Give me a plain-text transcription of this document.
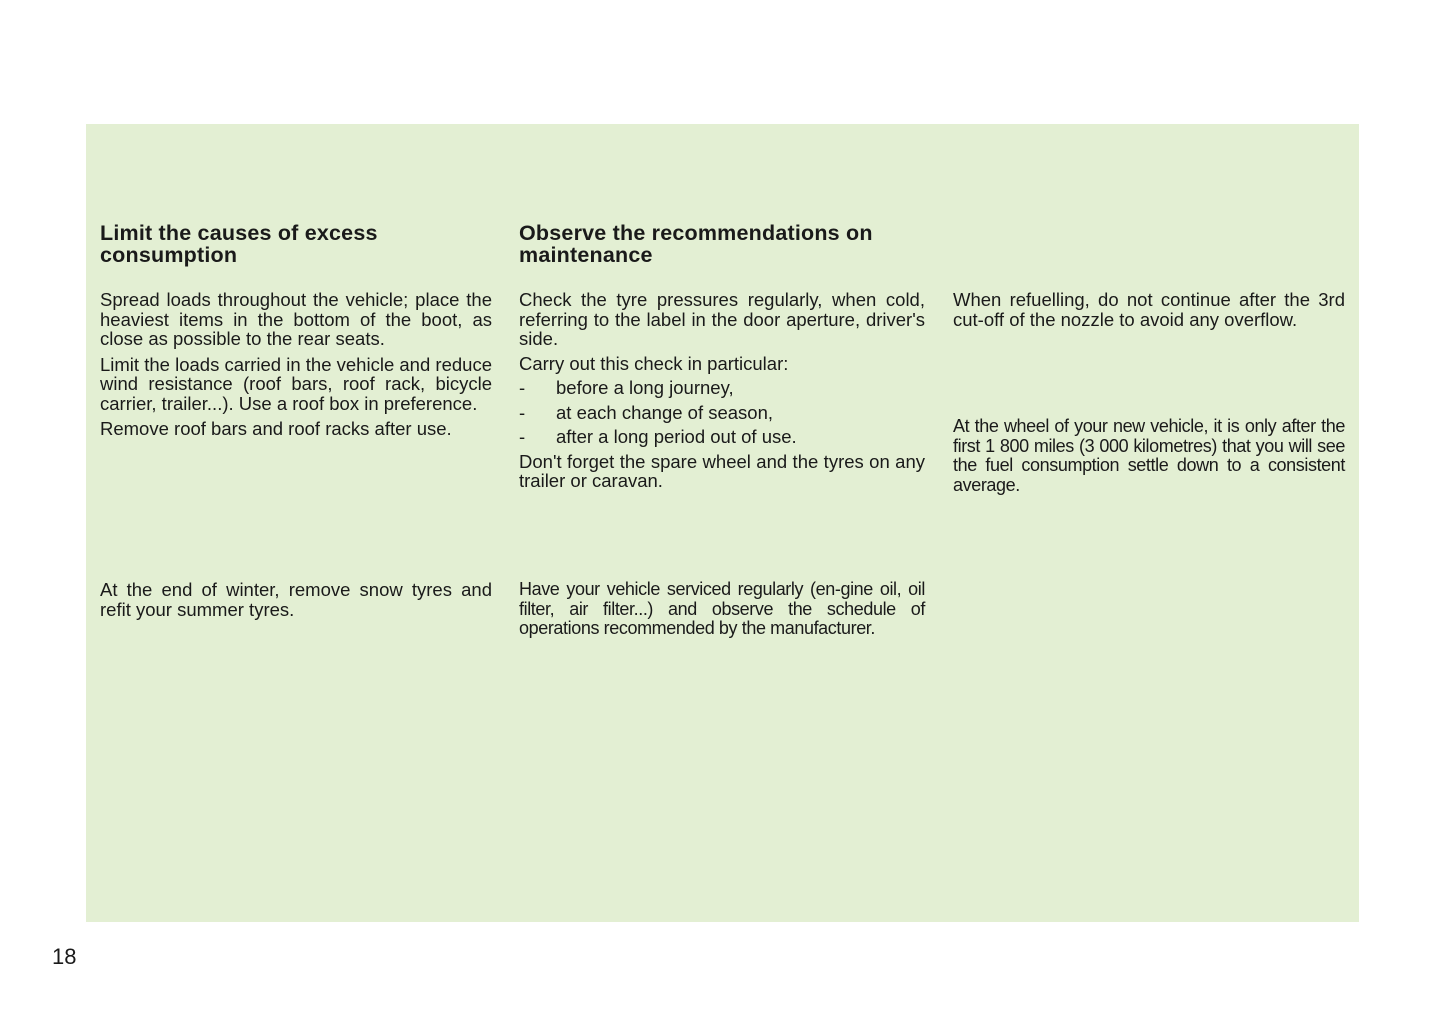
Limit the causes of excess consumption

Spread loads throughout the vehicle; place the heaviest items in the bottom of the boot, as close as possible to the rear seats.

Limit the loads carried in the vehicle and reduce wind resistance (roof bars, roof rack, bicycle carrier, trailer...). Use a roof box in preference.

Remove roof bars and roof racks after use.

At the end of winter, remove snow tyres and refit your summer tyres.

Observe the recommendations on maintenance

Check the tyre pressures regularly, when cold, referring to the label in the door aperture, driver's side.

Carry out this check in particular:

-	before a long journey,
-	at each change of season,
-	after a long period out of use.

Don't forget the spare wheel and the tyres on any trailer or caravan.

Have your vehicle serviced regularly (en-gine oil, oil filter, air filter...) and observe the schedule of operations recommended by the manufacturer.

When refuelling, do not continue after the 3rd cut-off of the nozzle to avoid any overflow.

At the wheel of your new vehicle, it is only after the first 1 800 miles (3 000 kilometres) that you will see the fuel consumption settle down to a consistent average.

18
